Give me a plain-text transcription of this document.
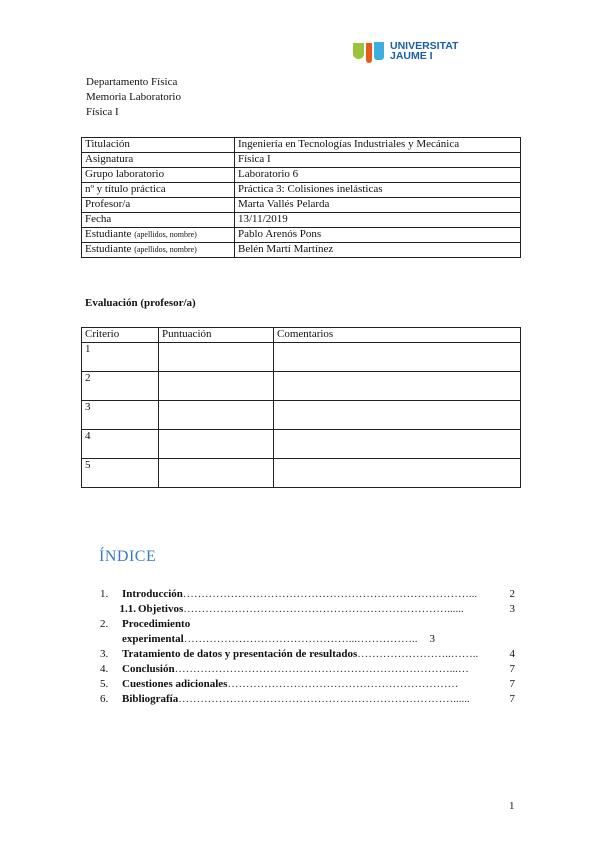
UNIVERSITAT
JAUME I
Departamento Física
Memoria Laboratorio
Física I
Titulación	Ingeniería en Tecnologías Industriales y Mecánica
Asignatura	Física I
Grupo laboratorio	Laboratorio 6
nº y título práctica	Práctica 3: Colisiones inelásticas
Profesor/a	Marta Vallés Pelarda
Fecha	13/11/2019
Estudiante (apellidos, nombre)	Pablo Arenós Pons
Estudiante (apellidos, nombre)	Belén Martí Martínez
Evaluación (profesor/a)
Criterio	Puntuación	Comentarios
1		
2		
3		
4		
5		
ÍNDICE
1.	Introducción ……………………………………………………………………...	2
1.1. Objetivos ………………………………………………………………......	3
2.	Procedimiento
experimental ………………………………………...……………..	3
3.	Tratamiento de datos y presentación de resultados ……………………..……..	4
4.	Conclusión …………………………………………………………………...…	7
5.	Cuestiones adicionales ………………………………………………………	7
6.	Bibliografía …………………………………………………………………......	7
1
